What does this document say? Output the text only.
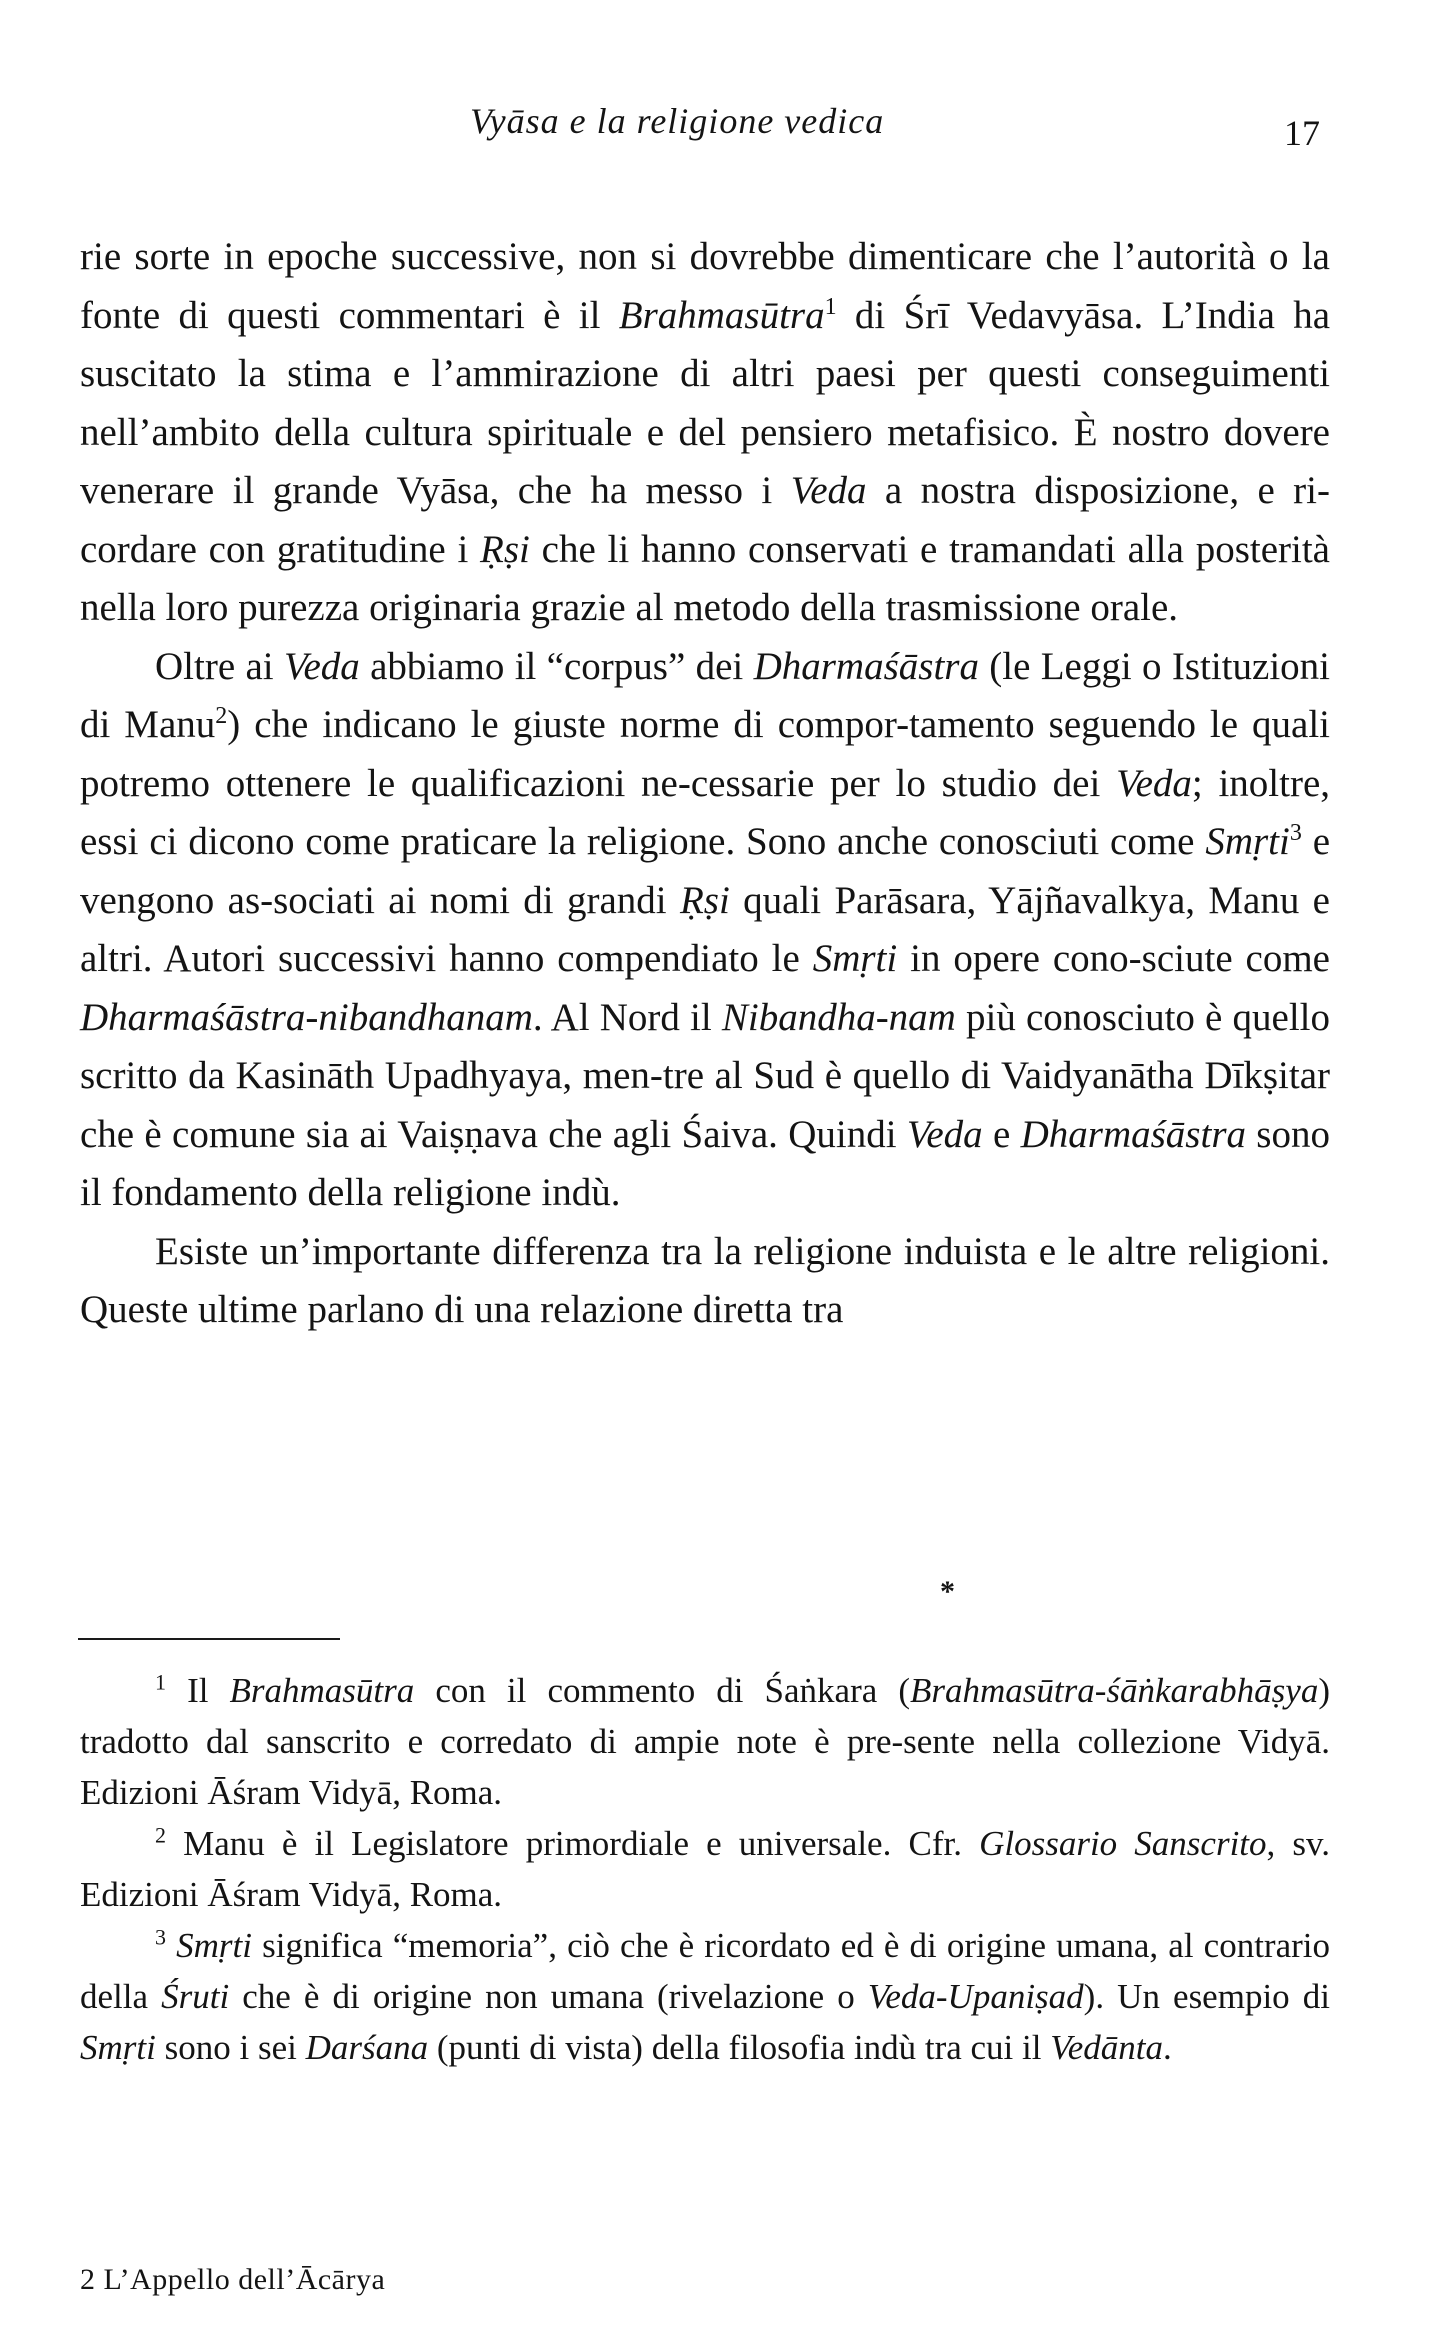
Vyāsa e la religione vedica	17

rie sorte in epoche successive, non si dovrebbe dimenticare che l’autorità o la fonte di questi commentari è il Brahmasūtra$^1$ di Śrī Vedavyāsa. L’India ha suscitato la stima e l’ammirazione di altri paesi per questi conseguimenti nell’ambito della cultura spirituale e del pensiero metafisico. È nostro dovere venerare il grande Vyāsa, che ha messo i Veda a nostra disposizione, e ri-cordare con gratitudine i Ṛṣi che li hanno conservati e tramandati alla posterità nella loro purezza originaria grazie al metodo della trasmissione orale.

Oltre ai Veda abbiamo il “corpus” dei Dharmaśāstra (le Leggi o Istituzioni di Manu$^2$) che indicano le giuste norme di compor-tamento seguendo le quali potremo ottenere le qualificazioni ne-cessarie per lo studio dei Veda; inoltre, essi ci dicono come praticare la religione. Sono anche conosciuti come Smṛti$^3$ e vengono as-sociati ai nomi di grandi Ṛṣi quali Parāsara, Yājñavalkya, Manu e altri. Autori successivi hanno compendiato le Smṛti in opere cono-sciute come Dharmaśāstra-nibandhanam. Al Nord il Nibandha-nam più conosciuto è quello scritto da Kasināth Upadhyaya, men-tre al Sud è quello di Vaidyanātha Dīkṣitar che è comune sia ai Vaiṣṇava che agli Śaiva. Quindi Veda e Dharmaśāstra sono il fondamento della religione indù.

Esiste un’importante differenza tra la religione induista e le altre religioni. Queste ultime parlano di una relazione diretta tra

*

$^1$ Il Brahmasūtra con il commento di Śaṅkara (Brahmasūtra-śāṅkarabhāṣya) tradotto dal sanscrito e corredato di ampie note è pre-sente nella collezione Vidyā. Edizioni Āśram Vidyā, Roma.

$^2$ Manu è il Legislatore primordiale e universale. Cfr. Glossario Sanscrito, sv. Edizioni Āśram Vidyā, Roma.

$^3$ Smṛti significa “memoria”, ciò che è ricordato ed è di origine umana, al contrario della Śruti che è di origine non umana (rivelazione o Veda-Upaniṣad). Un esempio di Smṛti sono i sei Darśana (punti di vista) della filosofia indù tra cui il Vedānta.

2 L’Appello dell’Ācārya
